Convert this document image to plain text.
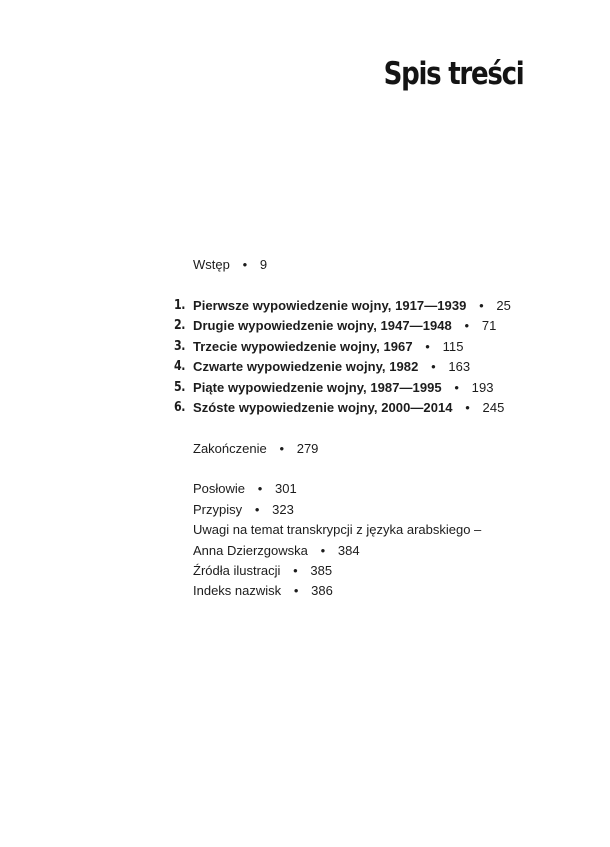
Spis treści
Wstęp • 9
1. Pierwsze wypowiedzenie wojny, 1917—1939 • 25
2. Drugie wypowiedzenie wojny, 1947—1948 • 71
3. Trzecie wypowiedzenie wojny, 1967 • 115
4. Czwarte wypowiedzenie wojny, 1982 • 163
5. Piąte wypowiedzenie wojny, 1987—1995 • 193
6. Szóste wypowiedzenie wojny, 2000—2014 • 245
Zakończenie • 279
Posłowie • 301
Przypisy • 323
Uwagi na temat transkrypcji z języka arabskiego –
Anna Dzierzgowska • 384
Źródła ilustracji • 385
Indeks nazwisk • 386
